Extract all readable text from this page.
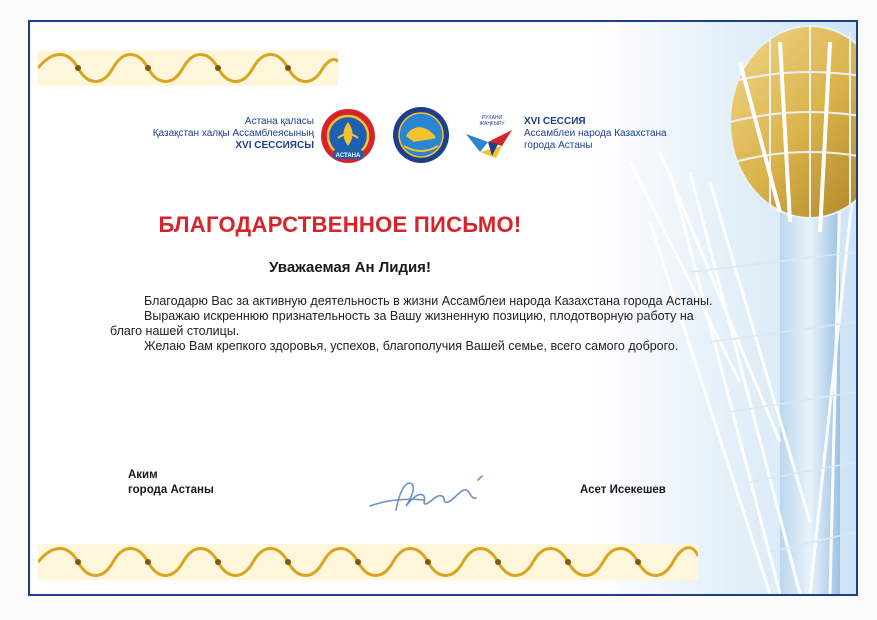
Астана қаласы
Қазақстан халқы Ассамблеясының
XVI СЕССИЯСЫ
АСТАНА
РУХАНИ
ЖАҢҒЫРУ XVI СЕССИЯ
Ассамблеи народа Казахстана
города Астаны
БЛАГОДАРСТВЕННОЕ ПИСЬМО!
Уважаемая Ан Лидия!

Благодарю Вас за активную деятельность в жизни Ассамблеи народа Казахстана города Астаны.

Выражаю искреннюю признательность за Вашу жизненную позицию, плодотворную работу на благо нашей столицы.

Желаю Вам крепкого здоровья, успехов, благополучия Вашей семье, всего самого доброго.

Аким
города Астаны	Асет Исекешев
